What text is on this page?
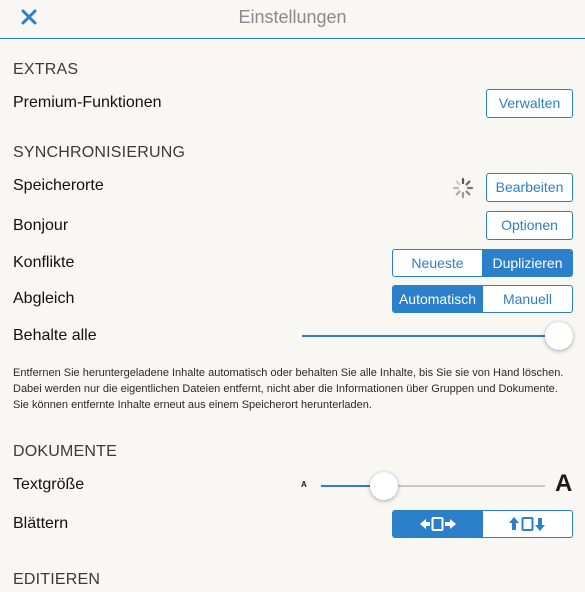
Einstellungen
EXTRAS
Premium-Funktionen	Verwalten
SYNCHRONISIERUNG
Speicherorte	Bearbeiten
Bonjour	Optionen
Konflikte	Neueste	Duplizieren
Abgleich	Automatisch	Manuell
Behalte alle
Entfernen Sie heruntergeladene Inhalte automatisch oder behalten Sie alle Inhalte, bis Sie sie von Hand löschen. Dabei werden nur die eigentlichen Dateien entfernt, nicht aber die Informationen über Gruppen und Dokumente. Sie können entfernte Inhalte erneut aus einem Speicherort herunterladen.
DOKUMENTE
Textgröße	A	A
Blättern
EDITIEREN
